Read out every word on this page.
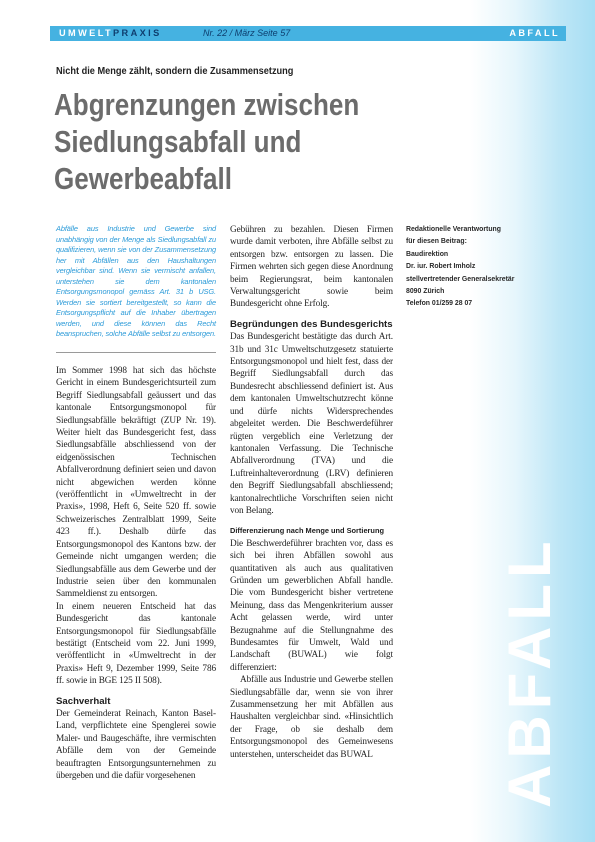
UMWELTPRAXIS	Nr. 22 / März Seite 57	ABFALL
Nicht die Menge zählt, sondern die Zusammensetzung
Abgrenzungen zwischen
Siedlungsabfall und
Gewerbeabfall

Abfälle aus Industrie und Gewerbe sind unabhängig von der Menge als Siedlungsabfall zu qualifizieren, wenn sie von der Zusammensetzung her mit Abfällen aus den Haushaltungen vergleichbar sind. Wenn sie vermischt anfallen, unterstehen sie dem kantonalen Entsorgungsmonopol gemäss Art. 31 b USG. Werden sie sortiert bereitgestellt, so kann die Entsorgungspflicht auf die Inhaber übertragen werden, und diese können das Recht beanspruchen, solche Abfälle selbst zu entsorgen.

Im Sommer 1998 hat sich das höchste Gericht in einem Bundesgerichtsurteil zum Begriff Siedlungsabfall geäussert und das kantonale Entsorgungsmonopol für Siedlungsabfälle bekräftigt (ZUP Nr. 19). Weiter hielt das Bundesgericht fest, dass Siedlungsabfälle abschliessend von der eidgenössischen Technischen Abfallverordnung definiert seien und davon nicht abgewichen werden könne (veröffentlicht in «Umweltrecht in der Praxis», 1998, Heft 6, Seite 520 ff. sowie Schweizerisches Zentralblatt 1999, Seite 423 ff.). Deshalb dürfe das Entsorgungsmonopol des Kantons bzw. der Gemeinde nicht umgangen werden; die Siedlungsabfälle aus dem Gewerbe und der Industrie seien über den kommunalen Sammeldienst zu entsorgen.

In einem neueren Entscheid hat das Bundesgericht das kantonale Entsorgungsmonopol für Siedlungsabfälle bestätigt (Entscheid vom 22. Juni 1999, veröffentlicht in «Umweltrecht in der Praxis» Heft 9, Dezember 1999, Seite 786 ff. sowie in BGE 125 II 508).

Sachverhalt

Der Gemeinderat Reinach, Kanton Basel-Land, verpflichtete eine Spenglerei sowie Maler- und Baugeschäfte, ihre vermischten Abfälle dem von der Gemeinde beauftragten Entsorgungsunternehmen zu übergeben und die dafür vorgesehenen

Gebühren zu bezahlen. Diesen Firmen wurde damit verboten, ihre Abfälle selbst zu entsorgen bzw. entsorgen zu lassen. Die Firmen wehrten sich gegen diese Anordnung beim Regierungsrat, beim kantonalen Verwaltungsgericht sowie beim Bundesgericht ohne Erfolg.

Begründungen des Bundesgerichts

Das Bundesgericht bestätigte das durch Art. 31b und 31c Umweltschutzgesetz statuierte Entsorgungsmonopol und hielt fest, dass der Begriff Siedlungsabfall durch das Bundesrecht abschliessend definiert ist. Aus dem kantonalen Umweltschutzrecht könne und dürfe nichts Widersprechendes abgeleitet werden. Die Beschwerdeführer rügten vergeblich eine Verletzung der kantonalen Verfassung. Die Technische Abfallverordnung (TVA) und die Luftreinhalteverordnung (LRV) definieren den Begriff Siedlungsabfall abschliessend; kantonalrechtliche Vorschriften seien nicht von Belang.

Differenzierung nach Menge und Sortierung

Die Beschwerdeführer brachten vor, dass es sich bei ihren Abfällen sowohl aus quantitativen als auch aus qualitativen Gründen um gewerblichen Abfall handle. Die vom Bundesgericht bisher vertretene Meinung, dass das Mengenkriterium ausser Acht gelassen werde, wird unter Bezugnahme auf die Stellungnahme des Bundesamtes für Umwelt, Wald und Landschaft (BUWAL) wie folgt differenziert:

Abfälle aus Industrie und Gewerbe stellen Siedlungsabfälle dar, wenn sie von ihrer Zusammensetzung her mit Abfällen aus Haushalten vergleichbar sind. «Hinsichtlich der Frage, ob sie deshalb dem Entsorgungsmonopol des Gemeinwesens unterstehen, unterscheidet das BUWAL

Redaktionelle Verantwortung
für diesen Beitrag:
Baudirektion
Dr. iur. Robert Imholz
stellvertretender Generalsekretär
8090 Zürich
Telefon 01/259 28 07
ABFALL
